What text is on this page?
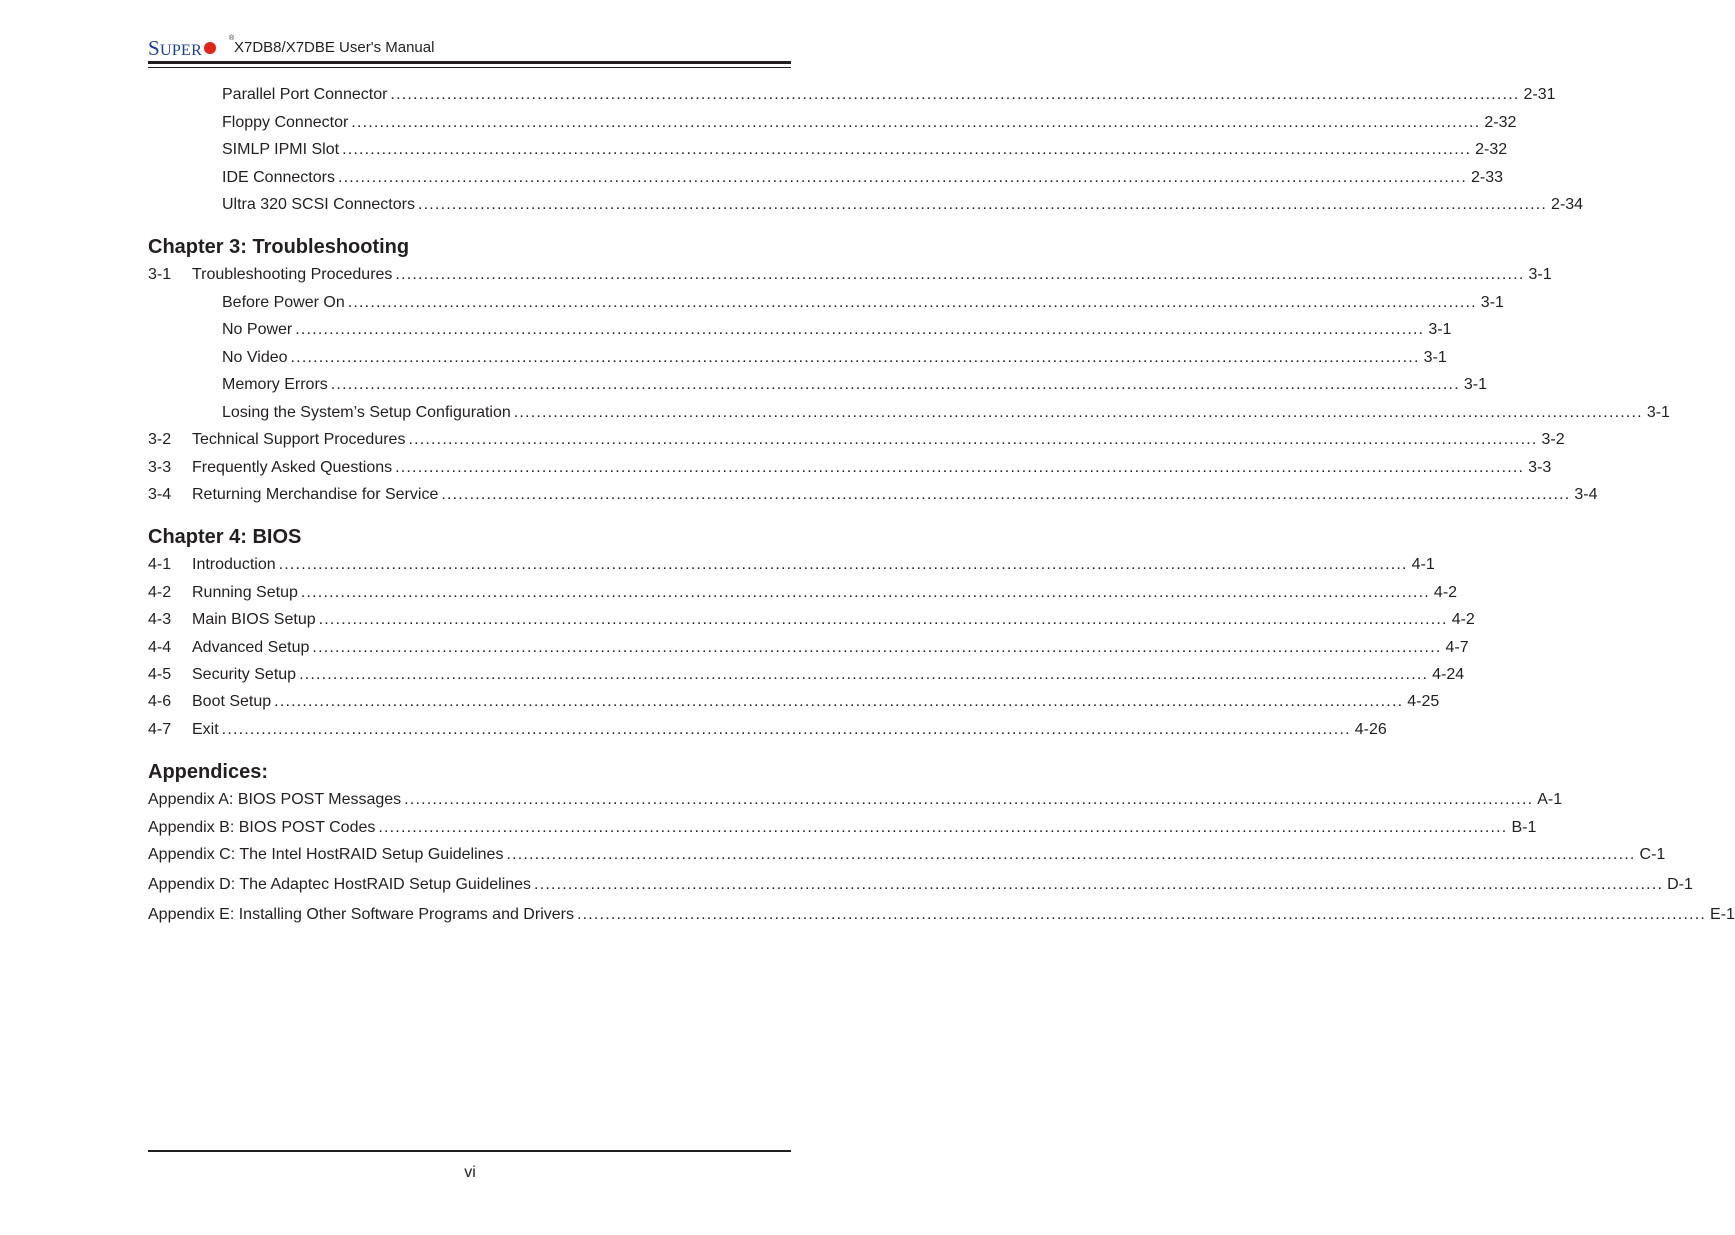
SUPER
®
X7DB8/X7DBE User's Manual
Parallel Port Connector ........................................................................................................................................................................................................ 2-31
Floppy Connector ........................................................................................................................................................................................................ 2-32
SIMLP IPMI Slot ........................................................................................................................................................................................................ 2-32
IDE Connectors ........................................................................................................................................................................................................ 2-33
Ultra 320 SCSI Connectors ........................................................................................................................................................................................................ 2-34
Chapter 3: Troubleshooting
3-1	Troubleshooting Procedures ........................................................................................................................................................................................................ 3-1
Before Power On ........................................................................................................................................................................................................ 3-1
No Power ........................................................................................................................................................................................................ 3-1
No Video ........................................................................................................................................................................................................ 3-1
Memory Errors ........................................................................................................................................................................................................ 3-1
Losing the System’s Setup Configuration ........................................................................................................................................................................................................ 3-1
3-2	Technical Support Procedures ........................................................................................................................................................................................................ 3-2
3-3	Frequently Asked Questions ........................................................................................................................................................................................................ 3-3
3-4	Returning Merchandise for Service ........................................................................................................................................................................................................ 3-4
Chapter 4: BIOS
4-1	Introduction ........................................................................................................................................................................................................ 4-1
4-2	Running Setup ........................................................................................................................................................................................................ 4-2
4-3	Main BIOS Setup ........................................................................................................................................................................................................ 4-2
4-4	Advanced Setup ........................................................................................................................................................................................................ 4-7
4-5	Security Setup ........................................................................................................................................................................................................ 4-24
4-6	Boot Setup ........................................................................................................................................................................................................ 4-25
4-7	Exit ........................................................................................................................................................................................................ 4-26
Appendices:
Appendix A: BIOS POST Messages ........................................................................................................................................................................................................ A-1
Appendix B: BIOS POST Codes ........................................................................................................................................................................................................ B-1
Appendix C: The Intel HostRAID Setup Guidelines ........................................................................................................................................................................................................ C-1
Appendix D: The Adaptec HostRAID Setup Guidelines ........................................................................................................................................................................................................ D-1
Appendix E: Installing Other Software Programs and Drivers ........................................................................................................................................................................................................ E-1
vi
